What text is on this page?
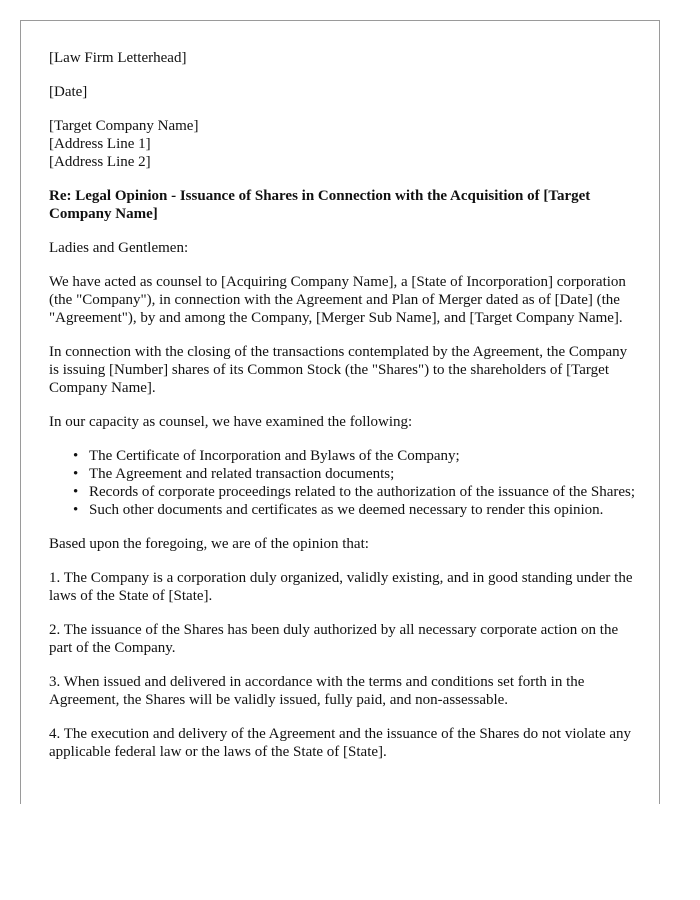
[Law Firm Letterhead]

[Date]

[Target Company Name]
[Address Line 1]
[Address Line 2]

Re: Legal Opinion - Issuance of Shares in Connection with the Acquisition of [Target Company Name]

Ladies and Gentlemen:

We have acted as counsel to [Acquiring Company Name], a [State of Incorporation] corporation (the "Company"), in connection with the Agreement and Plan of Merger dated as of [Date] (the "Agreement"), by and among the Company, [Merger Sub Name], and [Target Company Name].

In connection with the closing of the transactions contemplated by the Agreement, the Company is issuing [Number] shares of its Common Stock (the "Shares") to the shareholders of [Target Company Name].

In our capacity as counsel, we have examined the following:

• The Certificate of Incorporation and Bylaws of the Company;
• The Agreement and related transaction documents;
• Records of corporate proceedings related to the authorization of the issuance of the Shares;
• Such other documents and certificates as we deemed necessary to render this opinion.

Based upon the foregoing, we are of the opinion that:

1. The Company is a corporation duly organized, validly existing, and in good standing under the laws of the State of [State].

2. The issuance of the Shares has been duly authorized by all necessary corporate action on the part of the Company.

3. When issued and delivered in accordance with the terms and conditions set forth in the Agreement, the Shares will be validly issued, fully paid, and non-assessable.

4. The execution and delivery of the Agreement and the issuance of the Shares do not violate any applicable federal law or the laws of the State of [State].
